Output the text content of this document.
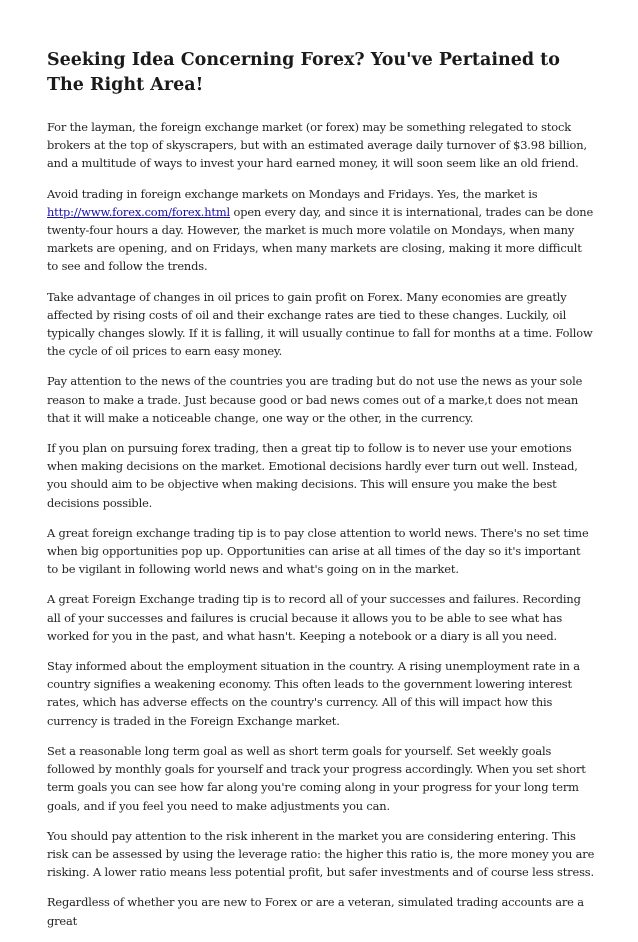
Seeking Idea Concerning Forex? You've Pertained to The Right Area!

For the layman, the foreign exchange market (or forex) may be something relegated to stock brokers at the top of skyscrapers, but with an estimated average daily turnover of $3.98 billion, and a multitude of ways to invest your hard earned money, it will soon seem like an old friend.

Avoid trading in foreign exchange markets on Mondays and Fridays. Yes, the market is http://www.forex.com/forex.html open every day, and since it is international, trades can be done twenty-four hours a day. However, the market is much more volatile on Mondays, when many markets are opening, and on Fridays, when many markets are closing, making it more difficult to see and follow the trends.

Take advantage of changes in oil prices to gain profit on Forex. Many economies are greatly affected by rising costs of oil and their exchange rates are tied to these changes. Luckily, oil typically changes slowly. If it is falling, it will usually continue to fall for months at a time. Follow the cycle of oil prices to earn easy money.

Pay attention to the news of the countries you are trading but do not use the news as your sole reason to make a trade. Just because good or bad news comes out of a marke,t does not mean that it will make a noticeable change, one way or the other, in the currency.

If you plan on pursuing forex trading, then a great tip to follow is to never use your emotions when making decisions on the market. Emotional decisions hardly ever turn out well. Instead, you should aim to be objective when making decisions. This will ensure you make the best decisions possible.

A great foreign exchange trading tip is to pay close attention to world news. There's no set time when big opportunities pop up. Opportunities can arise at all times of the day so it's important to be vigilant in following world news and what's going on in the market.

A great Foreign Exchange trading tip is to record all of your successes and failures. Recording all of your successes and failures is crucial because it allows you to be able to see what has worked for you in the past, and what hasn't. Keeping a notebook or a diary is all you need.

Stay informed about the employment situation in the country. A rising unemployment rate in a country signifies a weakening economy. This often leads to the government lowering interest rates, which has adverse effects on the country's currency. All of this will impact how this currency is traded in the Foreign Exchange market.

Set a reasonable long term goal as well as short term goals for yourself. Set weekly goals followed by monthly goals for yourself and track your progress accordingly. When you set short term goals you can see how far along you're coming along in your progress for your long term goals, and if you feel you need to make adjustments you can.

You should pay attention to the risk inherent in the market you are considering entering. This risk can be assessed by using the leverage ratio: the higher this ratio is, the more money you are risking. A lower ratio means less potential profit, but safer investments and of course less stress.

Regardless of whether you are new to Forex or are a veteran, simulated trading accounts are a great
